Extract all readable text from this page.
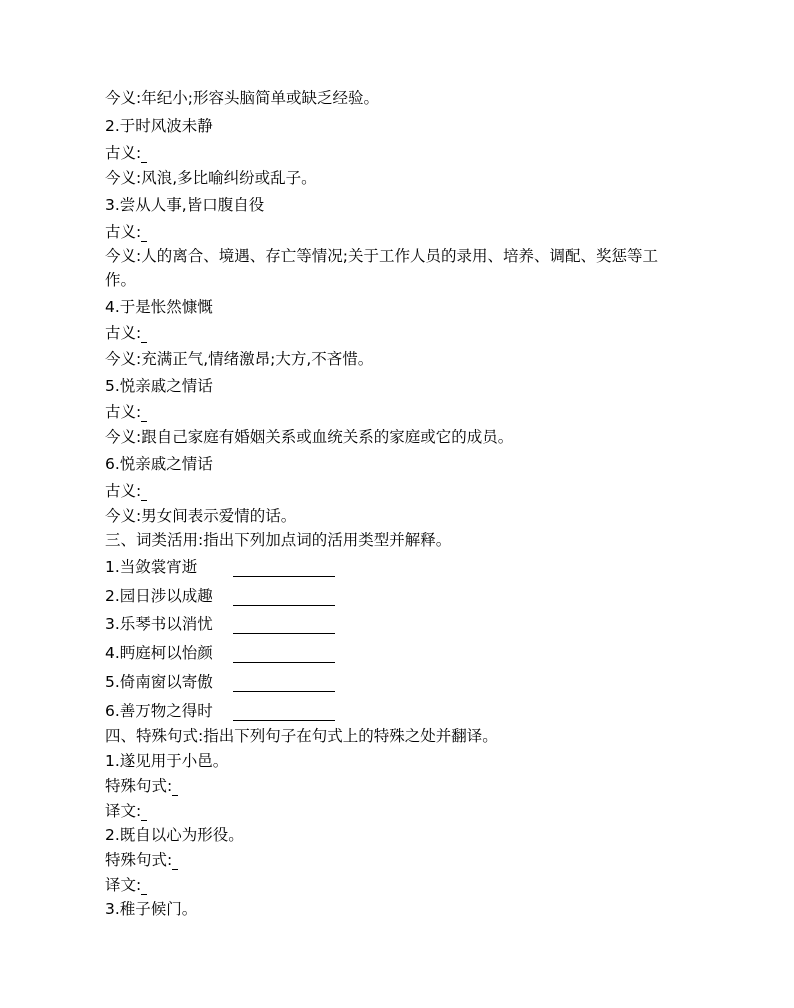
今义:年纪小;形容头脑简单或缺乏经验。
2.于时风波未静
古义:
今义:风浪,多比喻纠纷或乱子。
3.尝从人事,皆口腹自役
古义:
今义:人的离合、境遇、存亡等情况;关于工作人员的录用、培养、调配、奖惩等工作。
4.于是怅然慷慨
古义:
今义:充满正气,情绪激昂;大方,不吝惜。
5.悦亲戚之情话
古义:
今义:跟自己家庭有婚姻关系或血统关系的家庭或它的成员。
6.悦亲戚之情话
古义:
今义:男女间表示爱情的话。
三、词类活用:指出下列加点词的活用类型并解释。
1.当敛裳宵逝
2.园日涉以成趣
3.乐琴书以消忧
4.眄庭柯以怡颜
5.倚南窗以寄傲
6.善万物之得时
四、特殊句式:指出下列句子在句式上的特殊之处并翻译。
1.遂见用于小邑。
特殊句式:
译文:
2.既自以心为形役。
特殊句式:
译文:
3.稚子候门。
